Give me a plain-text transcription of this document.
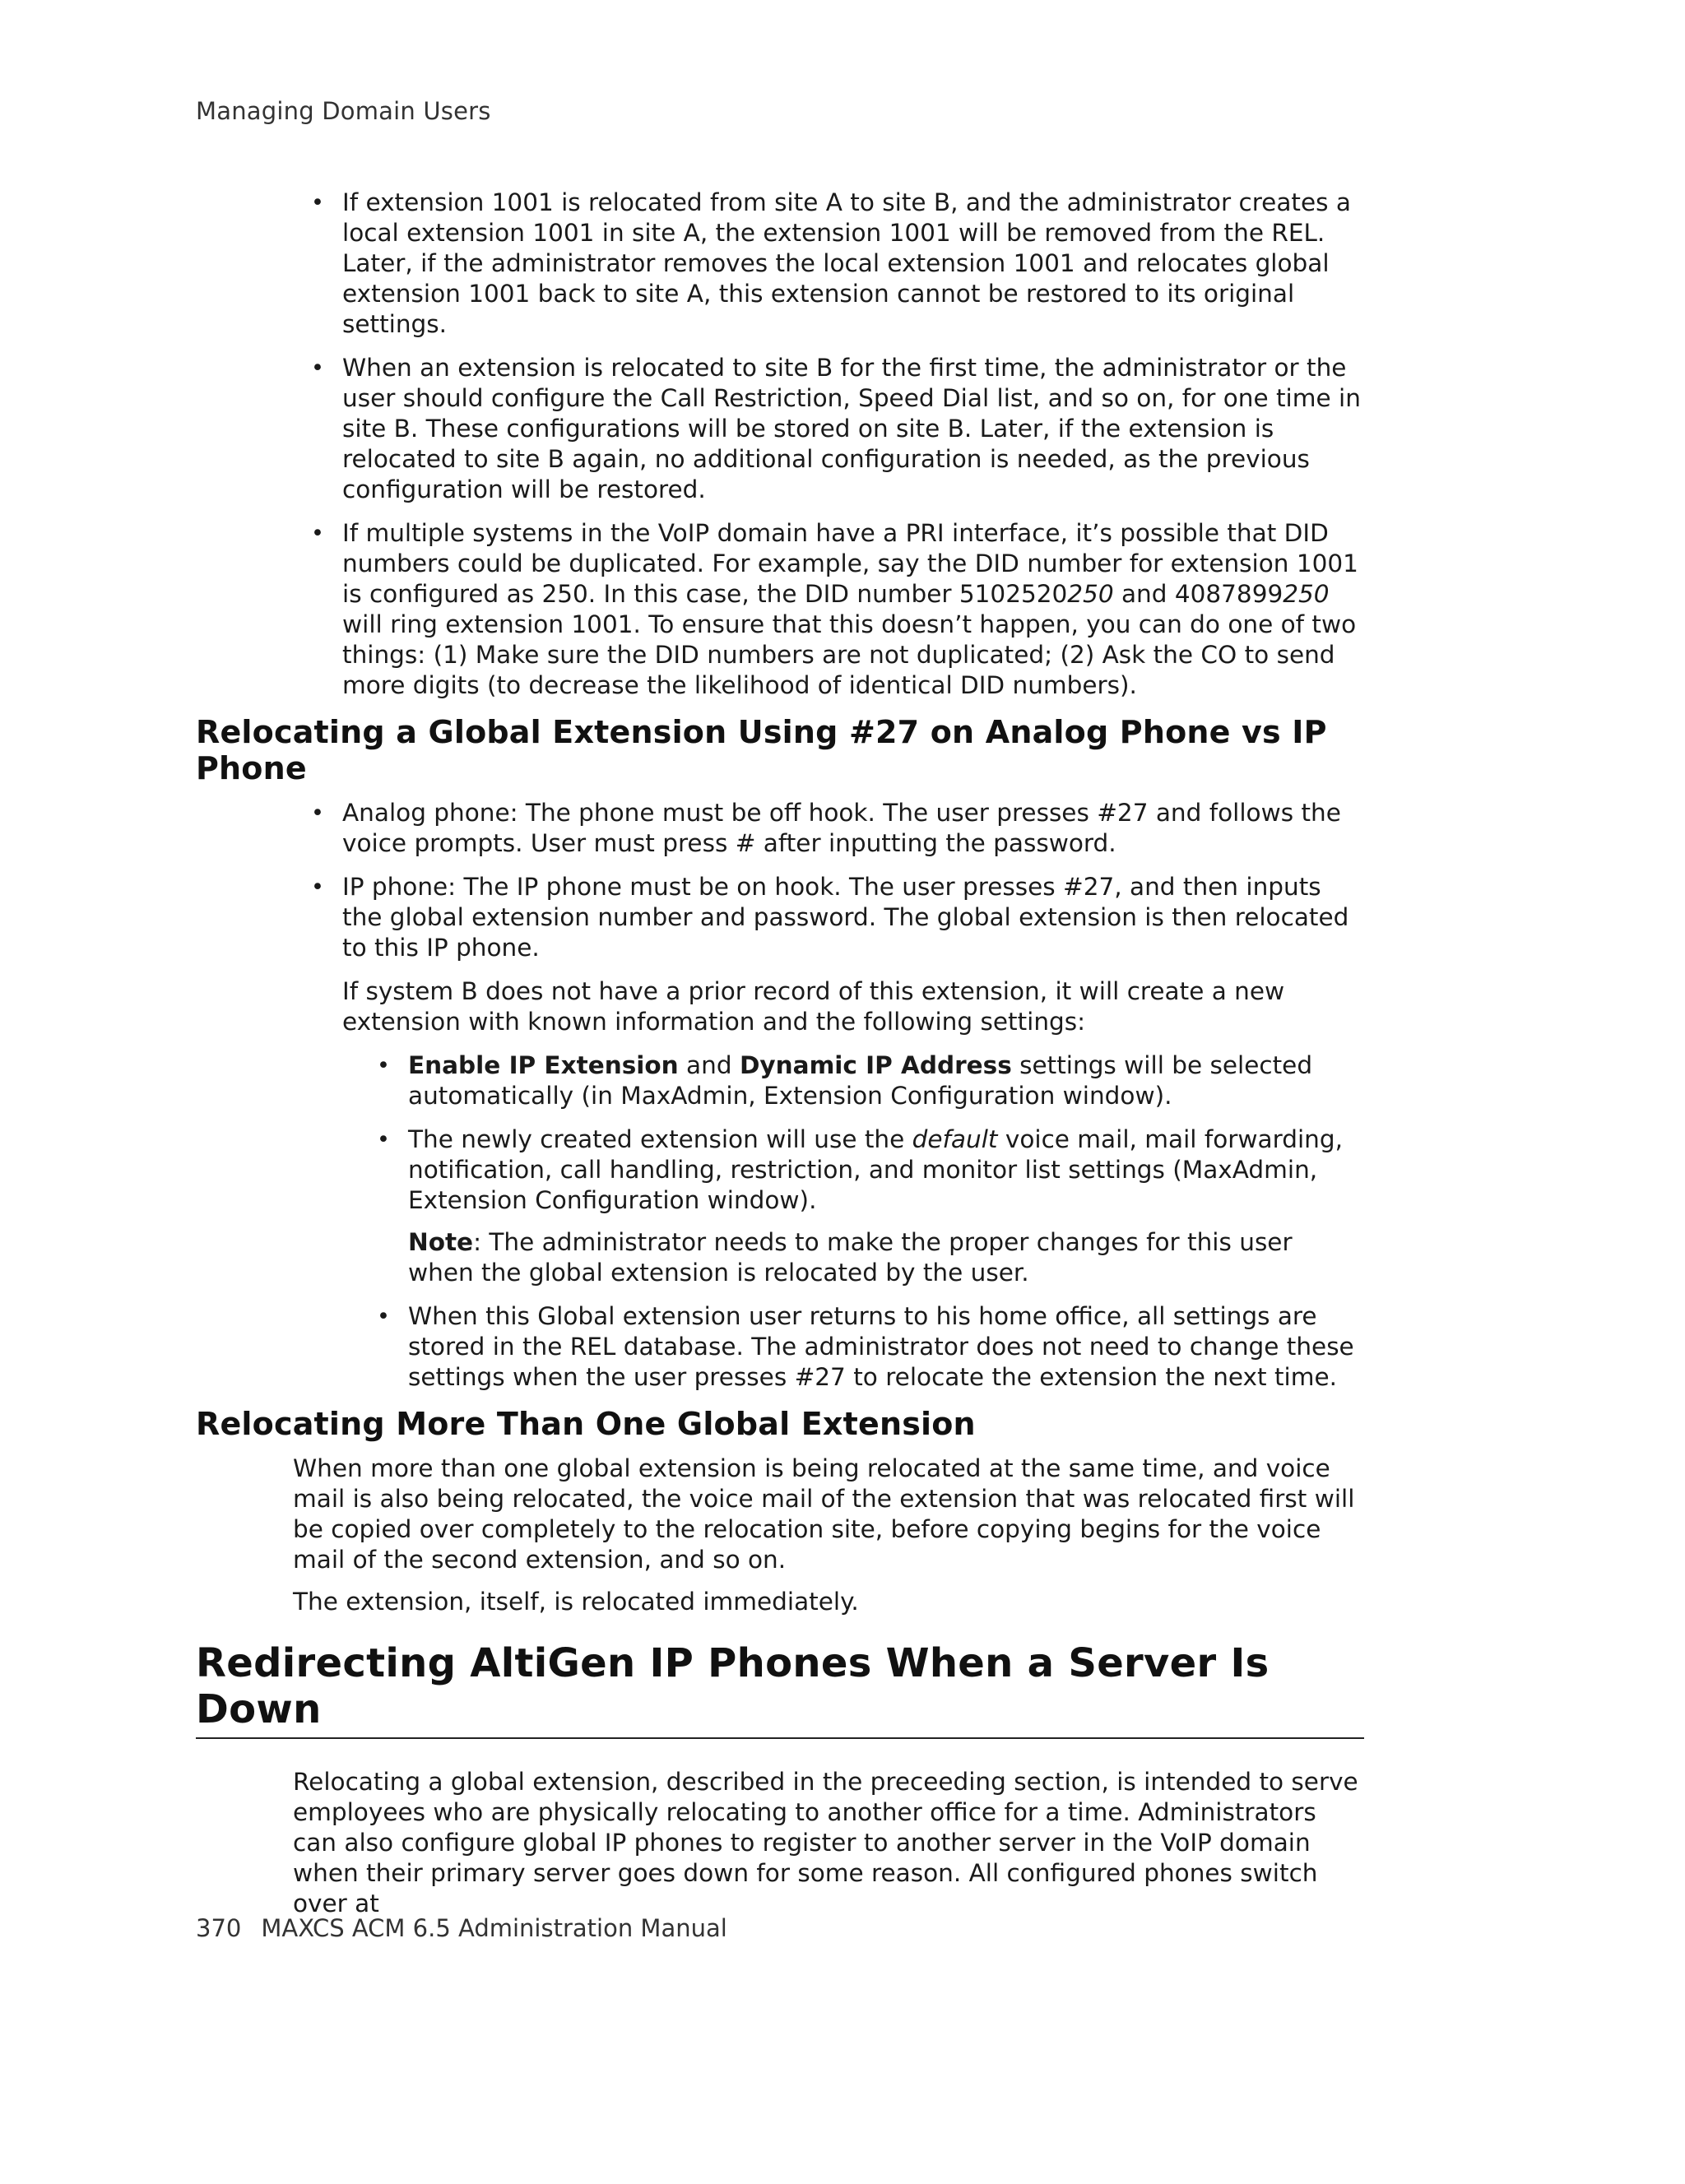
Managing Domain Users
• If extension 1001 is relocated from site A to site B, and the administrator creates a local extension 1001 in site A, the extension 1001 will be removed from the REL. Later, if the administrator removes the local extension 1001 and relocates global extension 1001 back to site A, this extension cannot be restored to its original settings.
• When an extension is relocated to site B for the first time, the administrator or the user should configure the Call Restriction, Speed Dial list, and so on, for one time in site B. These configurations will be stored on site B. Later, if the extension is relocated to site B again, no additional configuration is needed, as the previous configuration will be restored.
• If multiple systems in the VoIP domain have a PRI interface, it’s possible that DID numbers could be duplicated. For example, say the DID number for extension 1001 is configured as 250. In this case, the DID number 5102520250 and 4087899250 will ring extension 1001. To ensure that this doesn’t happen, you can do one of two things: (1) Make sure the DID numbers are not duplicated; (2) Ask the CO to send more digits (to decrease the likelihood of identical DID numbers).
Relocating a Global Extension Using #27 on Analog Phone vs IP Phone
• Analog phone: The phone must be off hook. The user presses #27 and follows the voice prompts. User must press # after inputting the password.
• IP phone: The IP phone must be on hook. The user presses #27, and then inputs the global extension number and password. The global extension is then relocated to this IP phone.

If system B does not have a prior record of this extension, it will create a new extension with known information and the following settings:

• Enable IP Extension and Dynamic IP Address settings will be selected automatically (in MaxAdmin, Extension Configuration window).
• The newly created extension will use the default voice mail, mail forwarding, notification, call handling, restriction, and monitor list settings (MaxAdmin, Extension Configuration window).

Note: The administrator needs to make the proper changes for this user when the global extension is relocated by the user.

• When this Global extension user returns to his home office, all settings are stored in the REL database. The administrator does not need to change these settings when the user presses #27 to relocate the extension the next time.
Relocating More Than One Global Extension

When more than one global extension is being relocated at the same time, and voice mail is also being relocated, the voice mail of the extension that was relocated first will be copied over completely to the relocation site, before copying begins for the voice mail of the second extension, and so on.

The extension, itself, is relocated immediately.

Redirecting AltiGen IP Phones When a Server Is Down

Relocating a global extension, described in the preceeding section, is intended to serve employees who are physically relocating to another office for a time. Administrators can also configure global IP phones to register to another server in the VoIP domain when their primary server goes down for some reason. All configured phones switch over at

370 MAXCS ACM 6.5 Administration Manual
